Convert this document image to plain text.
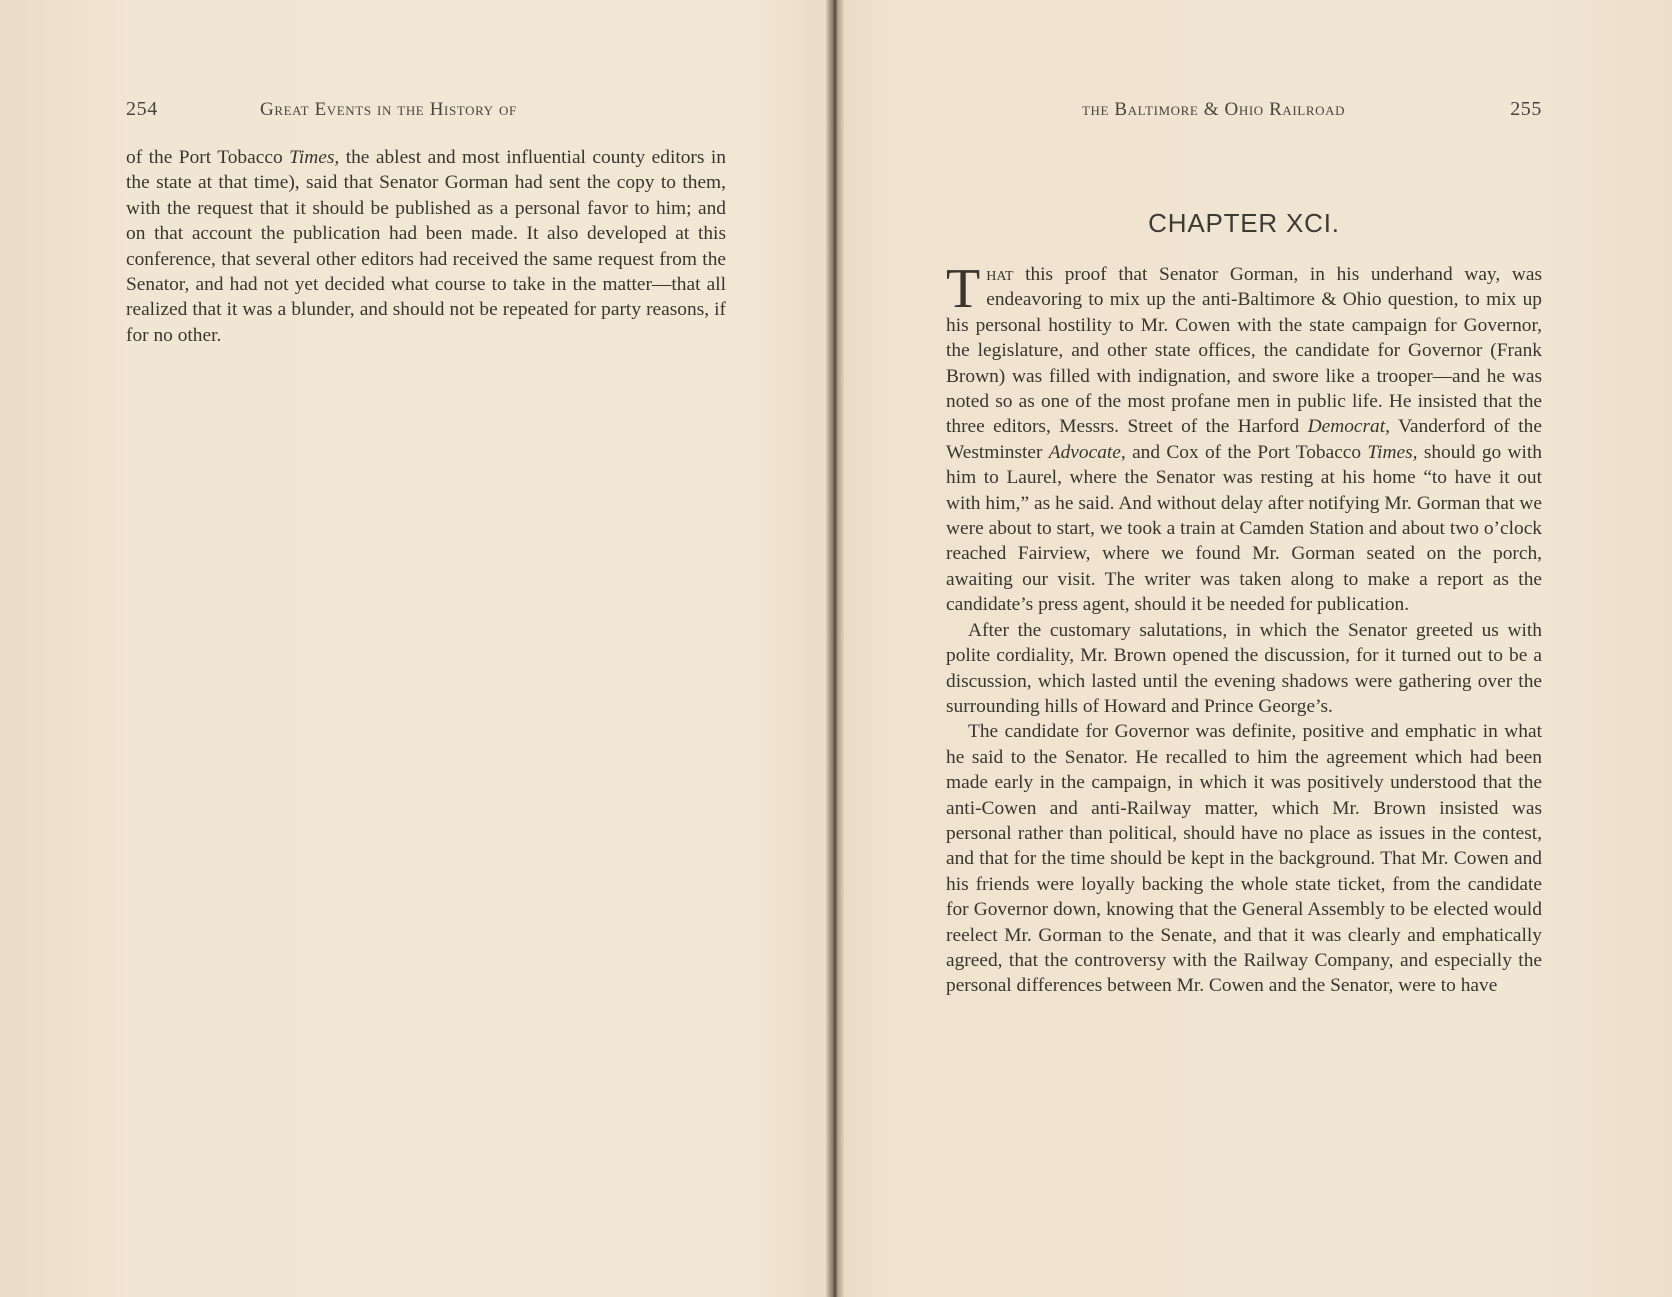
254	Great Events in the History of

of the Port Tobacco Times, the ablest and most influential county editors in the state at that time), said that Senator Gorman had sent the copy to them, with the request that it should be published as a personal favor to him; and on that account the publication had been made. It also developed at this conference, that several other editors had received the same request from the Senator, and had not yet decided what course to take in the matter—that all realized that it was a blunder, and should not be repeated for party reasons, if for no other.

the Baltimore & Ohio Railroad	255
CHAPTER XCI.

That this proof that Senator Gorman, in his underhand way, was endeavoring to mix up the anti-Baltimore & Ohio question, to mix up his personal hostility to Mr. Cowen with the state campaign for Governor, the legislature, and other state offices, the candidate for Governor (Frank Brown) was filled with indignation, and swore like a trooper—and he was noted so as one of the most profane men in public life. He insisted that the three editors, Messrs. Street of the Harford Democrat, Vanderford of the Westminster Advocate, and Cox of the Port Tobacco Times, should go with him to Laurel, where the Senator was resting at his home “to have it out with him,” as he said. And without delay after notifying Mr. Gorman that we were about to start, we took a train at Camden Station and about two o’clock reached Fairview, where we found Mr. Gorman seated on the porch, awaiting our visit. The writer was taken along to make a report as the candidate’s press agent, should it be needed for publication.

After the customary salutations, in which the Senator greeted us with polite cordiality, Mr. Brown opened the discussion, for it turned out to be a discussion, which lasted until the evening shadows were gathering over the surrounding hills of Howard and Prince George’s.

The candidate for Governor was definite, positive and emphatic in what he said to the Senator. He recalled to him the agreement which had been made early in the campaign, in which it was positively understood that the anti-Cowen and anti-Railway matter, which Mr. Brown insisted was personal rather than political, should have no place as issues in the contest, and that for the time should be kept in the background. That Mr. Cowen and his friends were loyally backing the whole state ticket, from the candidate for Governor down, knowing that the General Assembly to be elected would reelect Mr. Gorman to the Senate, and that it was clearly and emphatically agreed, that the controversy with the Railway Company, and especially the personal differences between Mr. Cowen and the Senator, were to have
